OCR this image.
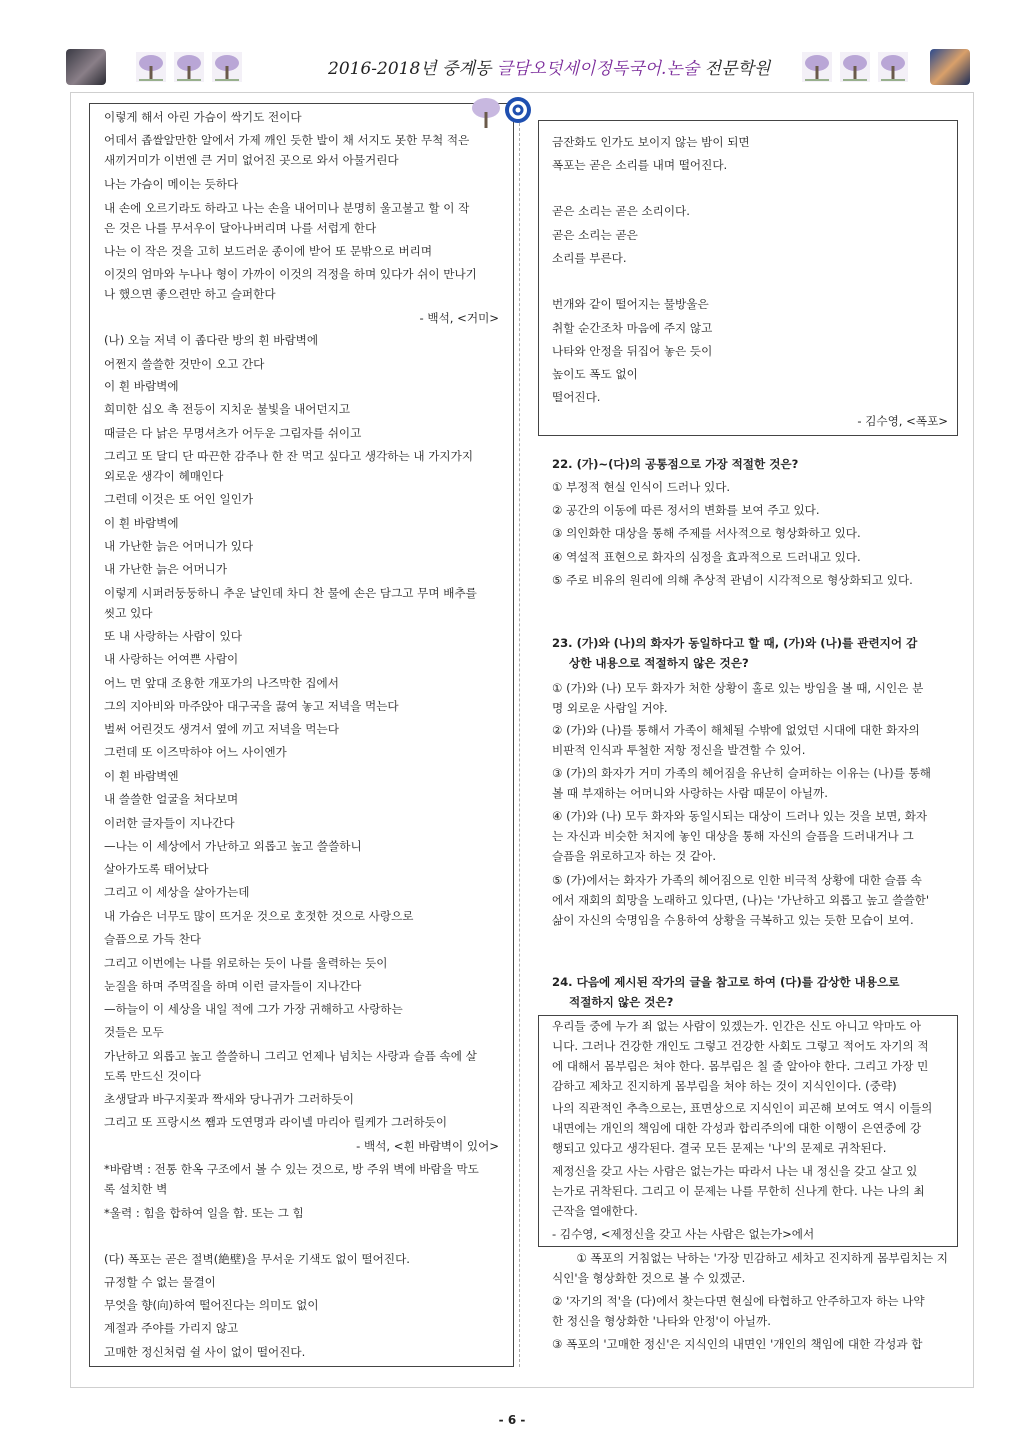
2016-2018년 중계동 글담오덧세이정독국어.논술 전문학원
이렇게 해서 아린 가슴이 싹기도 전이다
어데서 좁쌀알만한 알에서 가제 깨인 듯한 발이 채 서지도 못한 무척 적은
새끼거미가 이번엔 큰 거미 없어진 곳으로 와서 아물거린다
나는 가슴이 메이는 듯하다
내 손에 오르기라도 하라고 나는 손을 내어미나 분명히 울고불고 할 이 작
은 것은 나를 무서우이 달아나버리며 나를 서럽게 한다
나는 이 작은 것을 고히 보드러운 종이에 받어 또 문밖으로 버리며
이것의 엄마와 누나나 형이 가까이 이것의 걱정을 하며 있다가 쉬이 만나기
나 했으면 좋으련만 하고 슬퍼한다
- 백석, <거미>
(나) 오늘 저녁 이 좁다란 방의 흰 바람벽에
어쩐지 쓸쓸한 것만이 오고 간다
이 흰 바람벽에
희미한 십오 촉 전등이 지치운 불빛을 내어던지고
때글은 다 낡은 무명셔츠가 어두운 그림자를 쉬이고
그리고 또 달디 단 따끈한 감주나 한 잔 먹고 싶다고 생각하는 내 가지가지
외로운 생각이 헤매인다
그런데 이것은 또 어인 일인가
이 흰 바람벽에
내 가난한 늙은 어머니가 있다
내 가난한 늙은 어머니가
이렇게 시퍼러둥둥하니 추운 날인데 차디 찬 물에 손은 담그고 무며 배추를
씻고 있다
또 내 사랑하는 사람이 있다
내 사랑하는 어여쁜 사람이
어느 먼 앞대 조용한 개포가의 나즈막한 집에서
그의 지아비와 마주앉아 대구국을 끓여 놓고 저녁을 먹는다
벌써 어린것도 생겨서 옆에 끼고 저녁을 먹는다
그런데 또 이즈막하야 어느 사이엔가
이 흰 바람벽엔
내 쓸쓸한 얼굴을 쳐다보며
이러한 글자들이 지나간다
—나는 이 세상에서 가난하고 외롭고 높고 쓸쓸하니
살아가도록 태어났다
그리고 이 세상을 살아가는데
내 가슴은 너무도 많이 뜨거운 것으로 호젓한 것으로 사랑으로
슬픔으로 가득 찬다
그리고 이번에는 나를 위로하는 듯이 나를 울력하는 듯이
눈질을 하며 주먹질을 하며 이런 글자들이 지나간다
—하늘이 이 세상을 내일 적에 그가 가장 귀해하고 사랑하는
것들은 모두
가난하고 외롭고 높고 쓸쓸하니 그리고 언제나 넘치는 사랑과 슬픔 속에 살
도록 만드신 것이다
초생달과 바구지꽃과 짝새와 당나귀가 그러하듯이
그리고 또 프랑시쓰 쨈과 도연명과 라이넬 마리아 릴케가 그러하듯이
- 백석, <흰 바람벽이 있어>
*바람벽 : 전통 한옥 구조에서 볼 수 있는 것으로, 방 주위 벽에 바람을 막도
록 설치한 벽
*울력 : 힘을 합하여 일을 함. 또는 그 힘
(다) 폭포는 곧은 절벽(絶壁)을 무서운 기색도 없이 떨어진다.
규정할 수 없는 물결이
무엇을 향(向)하여 떨어진다는 의미도 없이
계절과 주야를 가리지 않고
고매한 정신처럼 쉴 사이 없이 떨어진다.
금잔화도 인가도 보이지 않는 밤이 되면
폭포는 곧은 소리를 내며 떨어진다.
곧은 소리는 곧은 소리이다.
곧은 소리는 곧은
소리를 부른다.
번개와 같이 떨어지는 물방울은
취할 순간조차 마음에 주지 않고
나타와 안정을 뒤집어 놓은 듯이
높이도 폭도 없이
떨어진다.
- 김수영, <폭포>
22. (가)~(다)의 공통점으로 가장 적절한 것은?
① 부정적 현실 인식이 드러나 있다.
② 공간의 이동에 따른 정서의 변화를 보여 주고 있다.
③ 의인화한 대상을 통해 주제를 서사적으로 형상화하고 있다.
④ 역설적 표현으로 화자의 심정을 효과적으로 드러내고 있다.
⑤ 주로 비유의 원리에 의해 추상적 관념이 시각적으로 형상화되고 있다.
23. (가)와 (나)의 화자가 동일하다고 할 때, (가)와 (나)를 관련지어 감
상한 내용으로 적절하지 않은 것은?
① (가)와 (나) 모두 화자가 처한 상황이 홀로 있는 방임을 볼 때, 시인은 분
명 외로운 사람일 거야.
② (가)와 (나)를 통해서 가족이 해체될 수밖에 없었던 시대에 대한 화자의
비판적 인식과 투철한 저항 정신을 발견할 수 있어.
③ (가)의 화자가 거미 가족의 헤어짐을 유난히 슬퍼하는 이유는 (나)를 통해
볼 때 부재하는 어머니와 사랑하는 사람 때문이 아닐까.
④ (가)와 (나) 모두 화자와 동일시되는 대상이 드러나 있는 것을 보면, 화자
는 자신과 비슷한 처지에 놓인 대상을 통해 자신의 슬픔을 드러내거나 그
슬픔을 위로하고자 하는 것 같아.
⑤ (가)에서는 화자가 가족의 헤어짐으로 인한 비극적 상황에 대한 슬픔 속
에서 재회의 희망을 노래하고 있다면, (나)는 '가난하고 외롭고 높고 쓸쓸한'
삶이 자신의 숙명임을 수용하여 상황을 극복하고 있는 듯한 모습이 보여.
24. 다음에 제시된 작가의 글을 참고로 하여 (다)를 감상한 내용으로
적절하지 않은 것은?
우리들 중에 누가 죄 없는 사람이 있겠는가. 인간은 신도 아니고 악마도 아
니다. 그러나 건강한 개인도 그렇고 건강한 사회도 그렇고 적어도 자기의 적
에 대해서 몸부림은 쳐야 한다. 몸부림은 칠 줄 알아야 한다. 그리고 가장 민
감하고 제차고 진지하게 몸부림을 쳐야 하는 것이 지식인이다. (중략)
나의 직관적인 추측으로는, 표면상으로 지식인이 피곤해 보여도 역시 이들의
내면에는 개인의 책임에 대한 각성과 합리주의에 대한 이행이 은연중에 강
행되고 있다고 생각된다. 결국 모든 문제는 '나'의 문제로 귀착된다.
제정신을 갖고 사는 사람은 없는가는 따라서 나는 내 정신을 갖고 살고 있
는가로 귀착된다. 그리고 이 문제는 나를 무한히 신나게 한다. 나는 나의 최
근작을 열애한다.
- 김수영, <제정신을 갖고 사는 사람은 없는가>에서
① 폭포의 거침없는 낙하는 '가장 민감하고 세차고 진지하게 몸부림치는 지
식인'을 형상화한 것으로 볼 수 있겠군.
② '자기의 적'을 (다)에서 찾는다면 현실에 타협하고 안주하고자 하는 나약
한 정신을 형상화한 '나타와 안정'이 아닐까.
③ 폭포의 '고매한 정신'은 지식인의 내면인 '개인의 책임에 대한 각성과 합
- 6 -
